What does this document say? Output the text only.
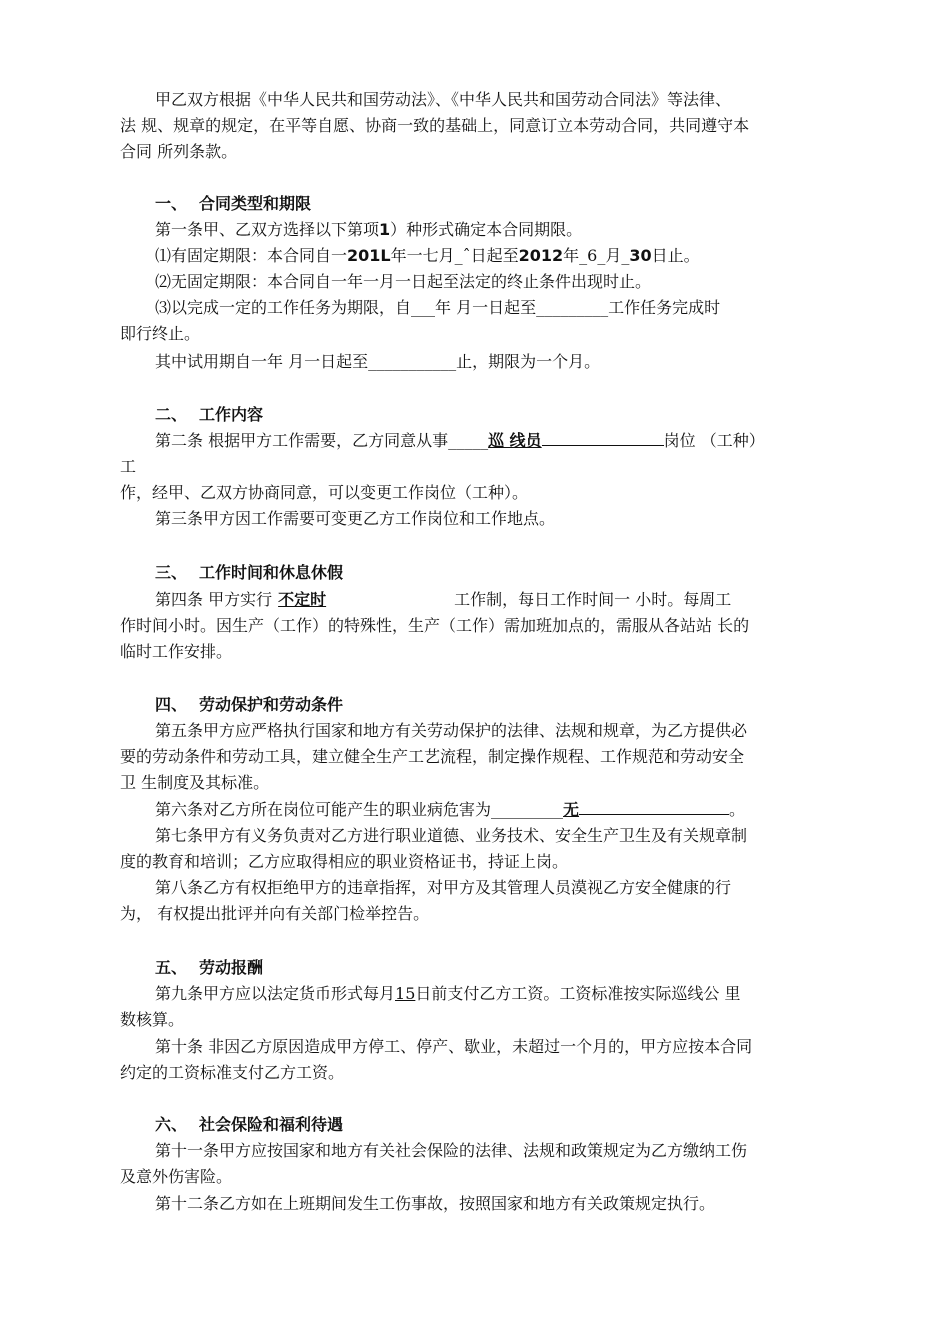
甲乙双方根据《中华人民共和国劳动法》、《中华人民共和国劳动合同法》等法律、
法 规、规章的规定，在平等自愿、协商一致的基础上，同意订立本劳动合同，共同遵守本
合同 所列条款。
一、 合同类型和期限
第一条甲、乙双方选择以下第项1）种形式确定本合同期限。
⑴有固定期限：本合同自一201L年一七月_ˆ日起至2012年_6_月_30日止。
⑵无固定期限：本合同自一年一月一日起至法定的终止条件出现时止。
⑶以完成一定的工作任务为期限，自___年 月一日起至_________工作任务完成时
即行终止。
其中试用期自一年 月一日起至___________止，期限为一个月。
二、 工作内容
第二条 根据甲方工作需要，乙方同意从事_____巡 线员	岗位 （工种）
工
作，经甲、乙双方协商同意，可以变更工作岗位（工种）。
第三条甲方因工作需要可变更乙方工作岗位和工作地点。
三、 工作时间和休息休假
第四条 甲方实行 不定时	工作制，每日工作时间一 小时。每周工
作时间小时。因生产（工作）的特殊性，生产（工作）需加班加点的，需服从各站站 长的
临时工作安排。
四、 劳动保护和劳动条件
第五条甲方应严格执行国家和地方有关劳动保护的法律、法规和规章，为乙方提供必
要的劳动条件和劳动工具，建立健全生产工艺流程，制定操作规程、工作规范和劳动安全
卫 生制度及其标准。
第六条对乙方所在岗位可能产生的职业病危害为_________无	。
第七条甲方有义务负责对乙方进行职业道德、业务技术、安全生产卫生及有关规章制
度的教育和培训；乙方应取得相应的职业资格证书，持证上岗。
第八条乙方有权拒绝甲方的违章指挥，对甲方及其管理人员漠视乙方安全健康的行
为， 有权提出批评并向有关部门检举控告。
五、 劳动报酬
第九条甲方应以法定货币形式每月15日前支付乙方工资。工资标准按实际巡线公 里
数核算。
第十条 非因乙方原因造成甲方停工、停产、歇业，未超过一个月的，甲方应按本合同
约定的工资标准支付乙方工资。
六、 社会保险和福利待遇
第十一条甲方应按国家和地方有关社会保险的法律、法规和政策规定为乙方缴纳工伤
及意外伤害险。
第十二条乙方如在上班期间发生工伤事故，按照国家和地方有关政策规定执行。
